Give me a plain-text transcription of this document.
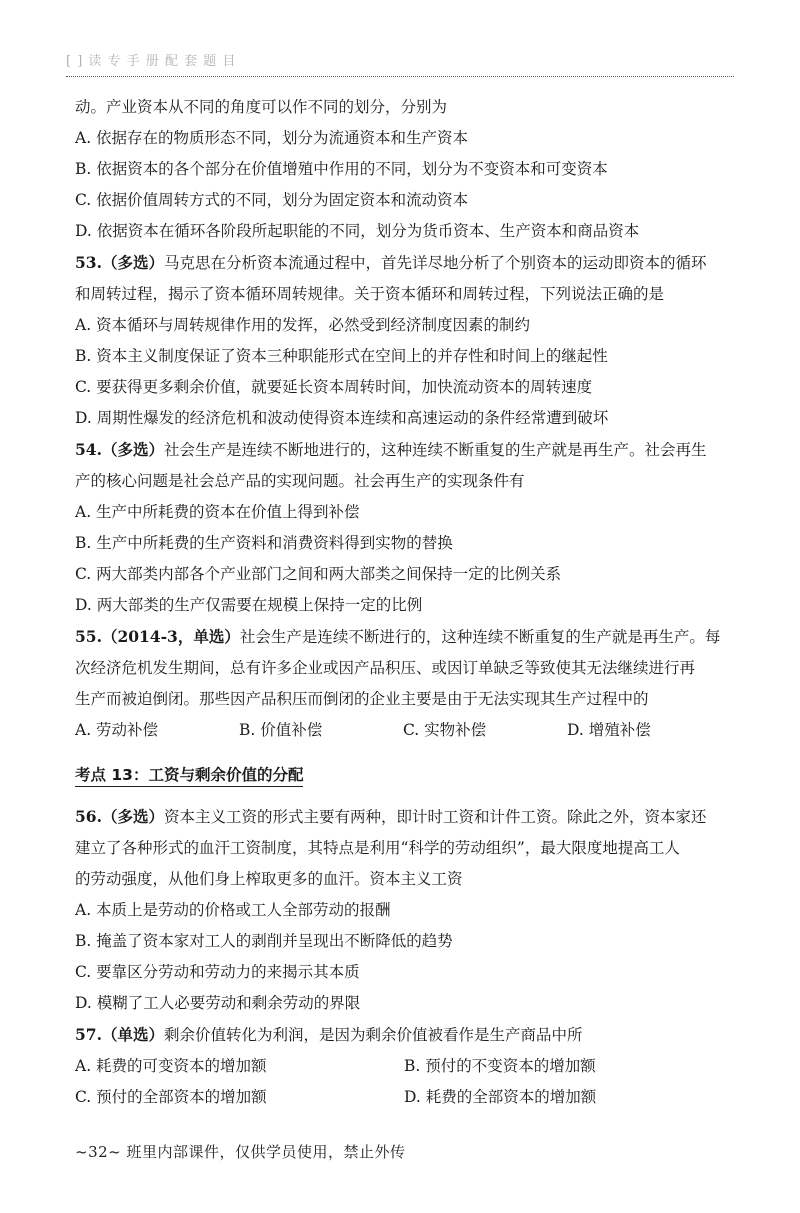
[ ] 读 专 手 册 配 套 题 目
动。产业资本从不同的角度可以作不同的划分，分别为
A. 依据存在的物质形态不同，划分为流通资本和生产资本
B. 依据资本的各个部分在价值增殖中作用的不同，划分为不变资本和可变资本
C. 依据价值周转方式的不同，划分为固定资本和流动资本
D. 依据资本在循环各阶段所起职能的不同，划分为货币资本、生产资本和商品资本
53.（多选）马克思在分析资本流通过程中，首先详尽地分析了个别资本的运动即资本的循环
和周转过程，揭示了资本循环周转规律。关于资本循环和周转过程，下列说法正确的是
A. 资本循环与周转规律作用的发挥，必然受到经济制度因素的制约
B. 资本主义制度保证了资本三种职能形式在空间上的并存性和时间上的继起性
C. 要获得更多剩余价值，就要延长资本周转时间，加快流动资本的周转速度
D. 周期性爆发的经济危机和波动使得资本连续和高速运动的条件经常遭到破坏
54.（多选）社会生产是连续不断地进行的，这种连续不断重复的生产就是再生产。社会再生
产的核心问题是社会总产品的实现问题。社会再生产的实现条件有
A. 生产中所耗费的资本在价值上得到补偿
B. 生产中所耗费的生产资料和消费资料得到实物的替换
C. 两大部类内部各个产业部门之间和两大部类之间保持一定的比例关系
D. 两大部类的生产仅需要在规模上保持一定的比例
55.（2014-3，单选）社会生产是连续不断进行的，这种连续不断重复的生产就是再生产。每
次经济危机发生期间，总有许多企业或因产品积压、或因订单缺乏等致使其无法继续进行再
生产而被迫倒闭。那些因产品积压而倒闭的企业主要是由于无法实现其生产过程中的
A. 劳动补偿	B. 价值补偿	C. 实物补偿	D. 增殖补偿
考点 13：工资与剩余价值的分配
56.（多选）资本主义工资的形式主要有两种，即计时工资和计件工资。除此之外，资本家还
建立了各种形式的血汗工资制度，其特点是利用“科学的劳动组织”，最大限度地提高工人
的劳动强度，从他们身上榨取更多的血汗。资本主义工资
A. 本质上是劳动的价格或工人全部劳动的报酬
B. 掩盖了资本家对工人的剥削并呈现出不断降低的趋势
C. 要靠区分劳动和劳动力的来揭示其本质
D. 模糊了工人必要劳动和剩余劳动的界限
57.（单选）剩余价值转化为利润，是因为剩余价值被看作是生产商品中所
A. 耗费的可变资本的增加额	B. 预付的不变资本的增加额
C. 预付的全部资本的增加额	D. 耗费的全部资本的增加额
~32~ 班里内部课件，仅供学员使用，禁止外传
